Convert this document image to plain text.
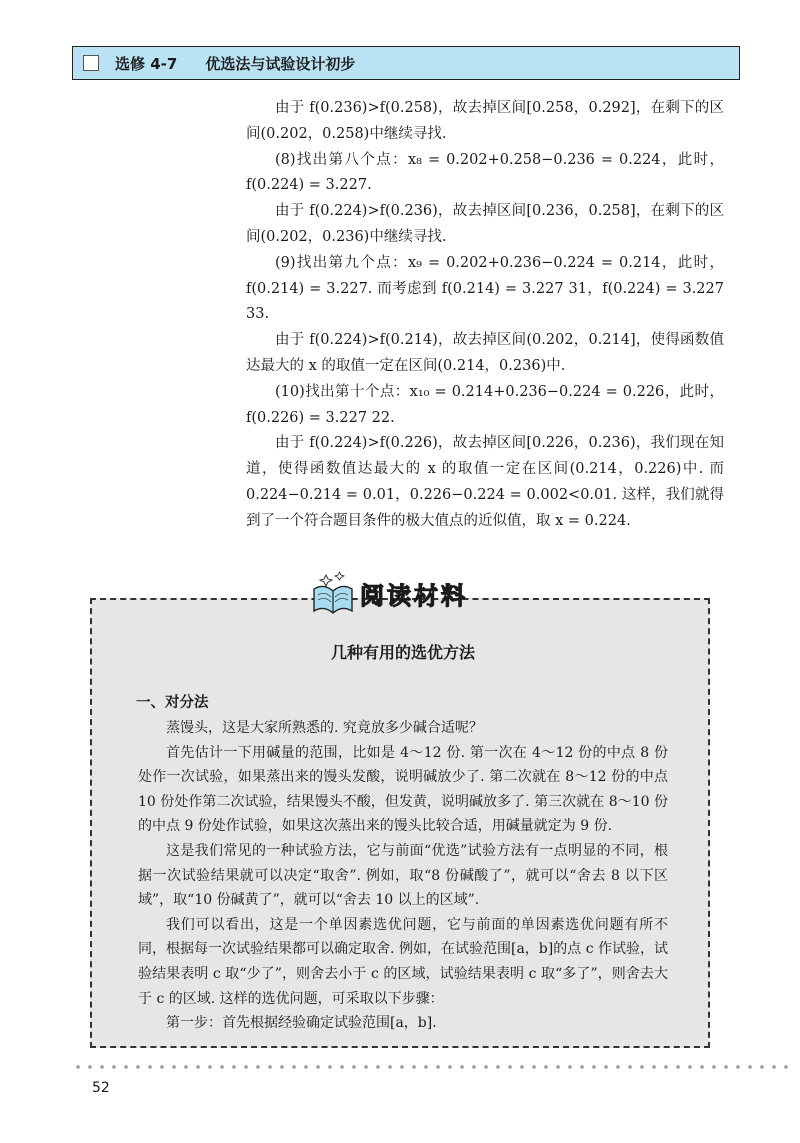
选修 4-7 优选法与试验设计初步

由于 f(0.236)>f(0.258)，故去掉区间[0.258，0.292]，在剩下的区间(0.202，0.258)中继续寻找.

(8)找出第八个点：x₈ = 0.202+0.258−0.236 = 0.224，此时，f(0.224) = 3.227.

由于 f(0.224)>f(0.236)，故去掉区间[0.236，0.258]，在剩下的区间(0.202，0.236)中继续寻找.

(9)找出第九个点：x₉ = 0.202+0.236−0.224 = 0.214，此时，f(0.214) = 3.227. 而考虑到 f(0.214) = 3.227 31，f(0.224) = 3.227 33.

由于 f(0.224)>f(0.214)，故去掉区间(0.202，0.214]，使得函数值达最大的 x 的取值一定在区间(0.214，0.236)中.

(10)找出第十个点：x₁₀ = 0.214+0.236−0.224 = 0.226，此时，f(0.226) = 3.227 22.

由于 f(0.224)>f(0.226)，故去掉区间[0.226，0.236)，我们现在知道，使得函数值达最大的 x 的取值一定在区间(0.214，0.226)中. 而 0.224−0.214 = 0.01，0.226−0.224 = 0.002<0.01. 这样，我们就得到了一个符合题目条件的极大值点的近似值，取 x = 0.224.

几种有用的选优方法
一、对分法

蒸馒头，这是大家所熟悉的. 究竟放多少碱合适呢？

首先估计一下用碱量的范围，比如是 4～12 份. 第一次在 4～12 份的中点 8 份处作一次试验，如果蒸出来的馒头发酸，说明碱放少了. 第二次就在 8～12 份的中点 10 份处作第二次试验，结果馒头不酸，但发黄，说明碱放多了. 第三次就在 8～10 份的中点 9 份处作试验，如果这次蒸出来的馒头比较合适，用碱量就定为 9 份.

这是我们常见的一种试验方法，它与前面“优选”试验方法有一点明显的不同，根据一次试验结果就可以决定“取舍”. 例如，取“8 份碱酸了”，就可以“舍去 8 以下区域”，取“10 份碱黄了”，就可以“舍去 10 以上的区域”.

我们可以看出，这是一个单因素选优问题，它与前面的单因素选优问题有所不同，根据每一次试验结果都可以确定取舍. 例如，在试验范围[a，b]的点 c 作试验，试验结果表明 c 取“少了”，则舍去小于 c 的区域，试验结果表明 c 取“多了”，则舍去大于 c 的区域. 这样的选优问题，可采取以下步骤：

第一步：首先根据经验确定试验范围[a，b].

阅读材料
52
